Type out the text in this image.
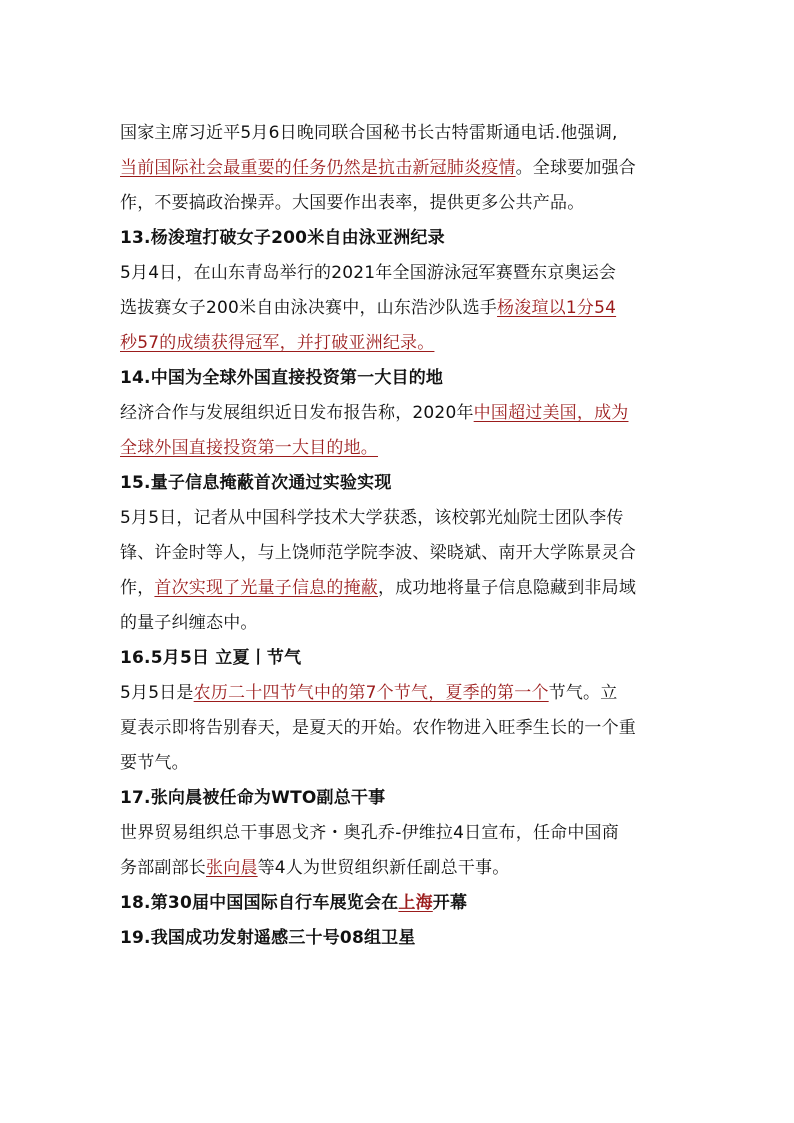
国家主席习近平5月6日晚同联合国秘书长古特雷斯通电话.他强调,
当前国际社会最重要的任务仍然是抗击新冠肺炎疫情。全球要加强合
作，不要搞政治操弄。大国要作出表率，提供更多公共产品。
13.杨浚瑄打破女子200米自由泳亚洲纪录
5月4日，在山东青岛举行的2021年全国游泳冠军赛暨东京奥运会
选拔赛女子200米自由泳决赛中，山东浩沙队选手杨浚瑄以1分54
秒57的成绩获得冠军，并打破亚洲纪录。
14.中国为全球外国直接投资第一大目的地
经济合作与发展组织近日发布报告称，2020年中国超过美国，成为
全球外国直接投资第一大目的地。
15.量子信息掩蔽首次通过实验实现
5月5日，记者从中国科学技术大学获悉，该校郭光灿院士团队李传
锋、许金时等人，与上饶师范学院李波、梁晓斌、南开大学陈景灵合
作，首次实现了光量子信息的掩蔽，成功地将量子信息隐藏到非局域
的量子纠缠态中。
16.5月5日 立夏丨节气
5月5日是农历二十四节气中的第7个节气，夏季的第一个节气。立
夏表示即将告别春天，是夏天的开始。农作物进入旺季生长的一个重
要节气。
17.张向晨被任命为WTO副总干事
世界贸易组织总干事恩戈齐・奥孔乔-伊维拉4日宣布，任命中国商
务部副部长张向晨等4人为世贸组织新任副总干事。
18.第30届中国国际自行车展览会在上海开幕
19.我国成功发射遥感三十号08组卫星
